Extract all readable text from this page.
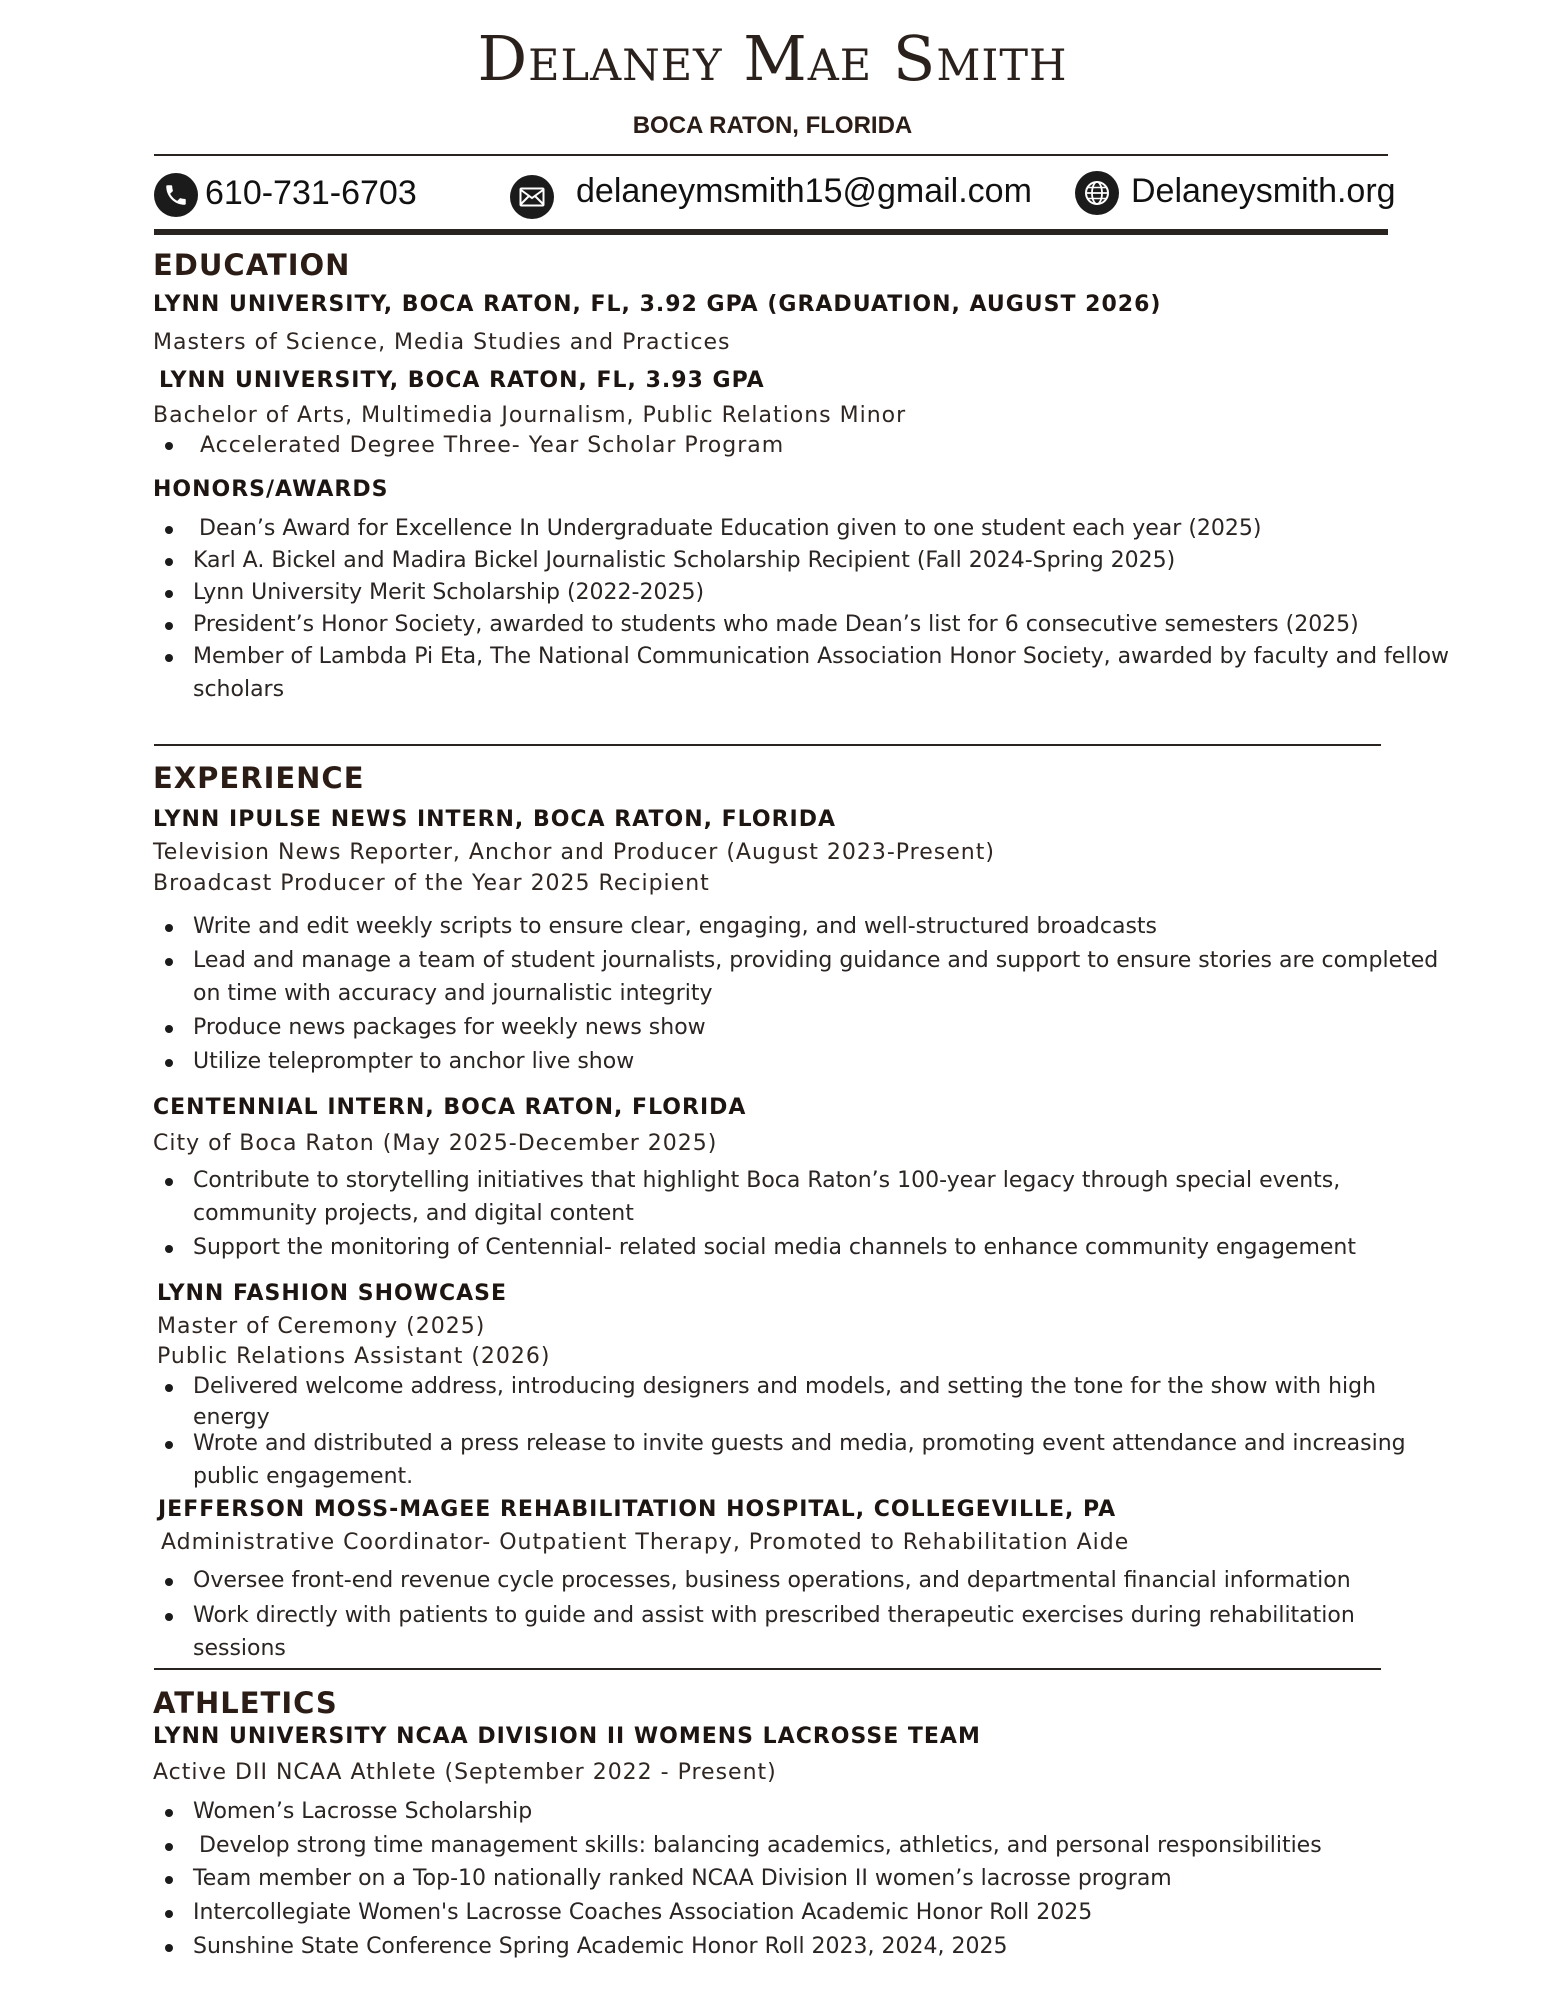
Delaney Mae Smith
BOCA RATON, FLORIDA
610-731-6703	delaneymsmith15@gmail.com	Delaneysmith.org
EDUCATION
LYNN UNIVERSITY, BOCA RATON, FL, 3.92 GPA (GRADUATION, AUGUST 2026)
Masters of Science, Media Studies and Practices
LYNN UNIVERSITY, BOCA RATON, FL, 3.93 GPA
Bachelor of Arts, Multimedia Journalism, Public Relations Minor
Accelerated Degree Three- Year Scholar Program
HONORS/AWARDS
Dean’s Award for Excellence In Undergraduate Education given to one student each year (2025)
Karl A. Bickel and Madira Bickel Journalistic Scholarship Recipient (Fall 2024-Spring 2025)
Lynn University Merit Scholarship (2022-2025)
President’s Honor Society, awarded to students who made Dean’s list for 6 consecutive semesters (2025)
Member of Lambda Pi Eta, The National Communication Association Honor Society, awarded by faculty and fellow
scholars
EXPERIENCE
LYNN IPULSE NEWS INTERN, BOCA RATON, FLORIDA
Television News Reporter, Anchor and Producer (August 2023-Present)
Broadcast Producer of the Year 2025 Recipient
Write and edit weekly scripts to ensure clear, engaging, and well-structured broadcasts
Lead and manage a team of student journalists, providing guidance and support to ensure stories are completed
on time with accuracy and journalistic integrity
Produce news packages for weekly news show
Utilize teleprompter to anchor live show
CENTENNIAL INTERN, BOCA RATON, FLORIDA
City of Boca Raton (May 2025-December 2025)
Contribute to storytelling initiatives that highlight Boca Raton’s 100-year legacy through special events,
community projects, and digital content
Support the monitoring of Centennial- related social media channels to enhance community engagement
LYNN FASHION SHOWCASE
Master of Ceremony (2025)
Public Relations Assistant (2026)
Delivered welcome address, introducing designers and models, and setting the tone for the show with high
energy
Wrote and distributed a press release to invite guests and media, promoting event attendance and increasing
public engagement.
JEFFERSON MOSS-MAGEE REHABILITATION HOSPITAL, COLLEGEVILLE, PA
Administrative Coordinator- Outpatient Therapy, Promoted to Rehabilitation Aide
Oversee front-end revenue cycle processes, business operations, and departmental financial information
Work directly with patients to guide and assist with prescribed therapeutic exercises during rehabilitation
sessions
ATHLETICS
LYNN UNIVERSITY NCAA DIVISION II WOMENS LACROSSE TEAM
Active DII NCAA Athlete (September 2022 - Present)
Women’s Lacrosse Scholarship
Develop strong time management skills: balancing academics, athletics, and personal responsibilities
Team member on a Top-10 nationally ranked NCAA Division II women’s lacrosse program
Intercollegiate Women's Lacrosse Coaches Association Academic Honor Roll 2025
Sunshine State Conference Spring Academic Honor Roll 2023, 2024, 2025
